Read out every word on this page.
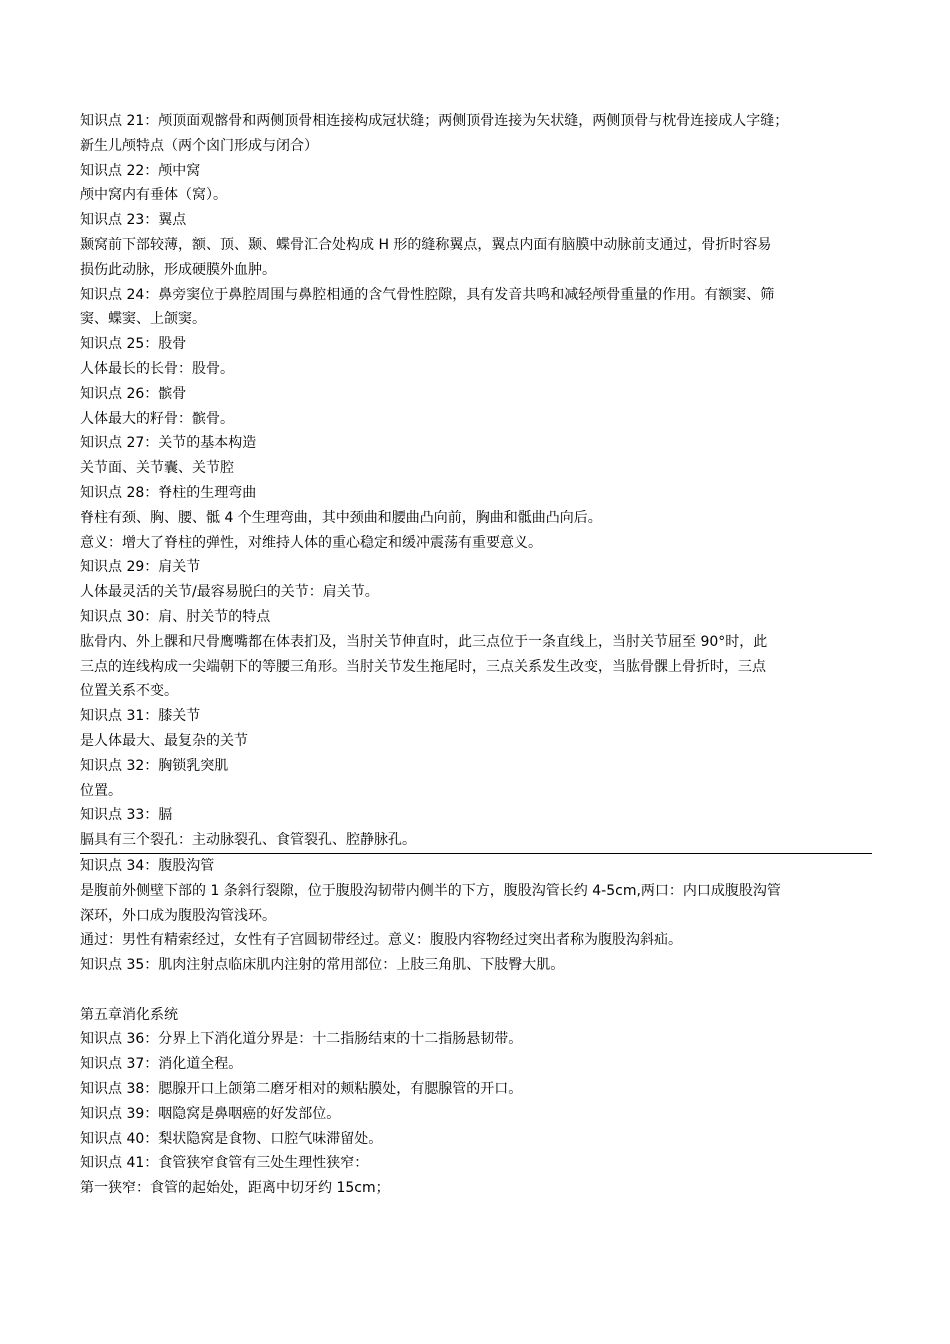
知识点 21：颅顶面观髂骨和两侧顶骨相连接构成冠状缝；两侧顶骨连接为矢状缝，两侧顶骨与枕骨连接成人字缝；
新生儿颅特点（两个囟门形成与闭合）
知识点 22：颅中窝
颅中窝内有垂体（窝）。
知识点 23：翼点
颞窝前下部较薄，额、顶、颞、蝶骨汇合处构成 H 形的缝称翼点，翼点内面有脑膜中动脉前支通过，骨折时容易
损伤此动脉，形成硬膜外血肿。
知识点 24：鼻旁窦位于鼻腔周围与鼻腔相通的含气骨性腔隙，具有发音共鸣和减轻颅骨重量的作用。有额窦、筛
窦、蝶窦、上颌窦。
知识点 25：股骨
人体最长的长骨：股骨。
知识点 26：髌骨
人体最大的籽骨：髌骨。
知识点 27：关节的基本构造
关节面、关节囊、关节腔
知识点 28：脊柱的生理弯曲
脊柱有颈、胸、腰、骶 4 个生理弯曲，其中颈曲和腰曲凸向前，胸曲和骶曲凸向后。
意义：增大了脊柱的弹性，对维持人体的重心稳定和缓冲震荡有重要意义。
知识点 29：肩关节
人体最灵活的关节/最容易脱臼的关节：肩关节。
知识点 30：肩、肘关节的特点
肱骨内、外上髁和尺骨鹰嘴都在体表扪及，当肘关节伸直时，此三点位于一条直线上，当肘关节屈至 90°时，此
三点的连线构成一尖端朝下的等腰三角形。当肘关节发生拖尾时，三点关系发生改变，当肱骨髁上骨折时，三点
位置关系不变。
知识点 31：膝关节
是人体最大、最复杂的关节
知识点 32：胸锁乳突肌
位置。
知识点 33：膈
膈具有三个裂孔：主动脉裂孔、食管裂孔、腔静脉孔。
知识点 34：腹股沟管
是腹前外侧壁下部的 1 条斜行裂隙，位于腹股沟韧带内侧半的下方，腹股沟管长约 4-5cm,两口：内口成腹股沟管
深环，外口成为腹股沟管浅环。
通过：男性有精索经过，女性有子宫圆韧带经过。意义：腹股内容物经过突出者称为腹股沟斜疝。
知识点 35：肌肉注射点临床肌内注射的常用部位：上肢三角肌、下肢臀大肌。
第五章消化系统
知识点 36：分界上下消化道分界是：十二指肠结束的十二指肠悬韧带。
知识点 37：消化道全程。
知识点 38：腮腺开口上颌第二磨牙相对的颊粘膜处，有腮腺管的开口。
知识点 39：咽隐窝是鼻咽癌的好发部位。
知识点 40：梨状隐窝是食物、口腔气味滞留处。
知识点 41：食管狭窄食管有三处生理性狭窄：
第一狭窄：食管的起始处，距离中切牙约 15cm；
